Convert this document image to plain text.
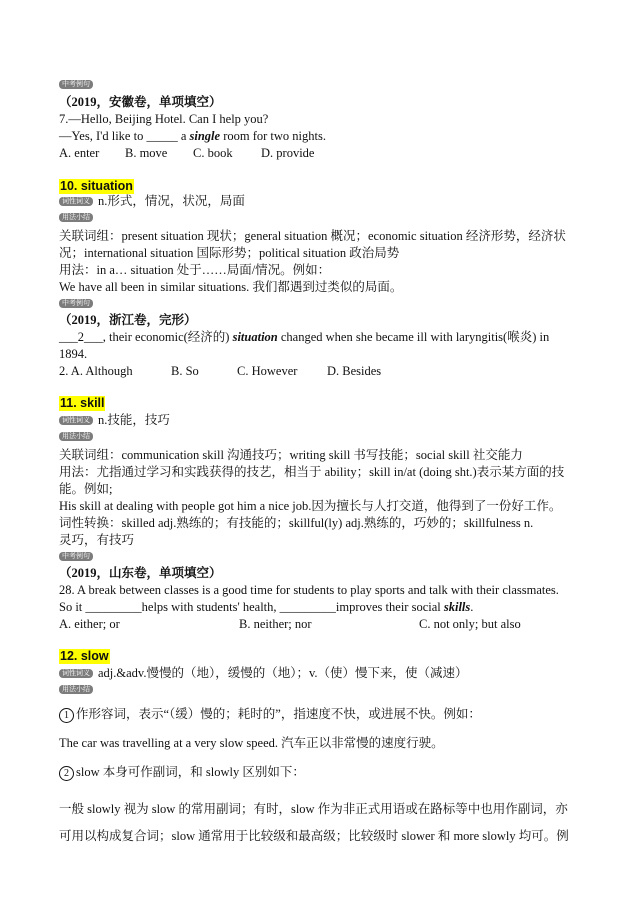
中考例句
（2019，安徽卷，单项填空）
7.—Hello, Beijing Hotel. Can I help you?
—Yes, I'd like to _____ a single room for two nights.
A. enter B. move C. book D. provide
10. situation
词性词义 n.形式，情况，状况，局面
用法小结
关联词组：present situation 现状；general situation 概况；economic situation 经济形势，经济状
况；international situation 国际形势；political situation 政治局势
用法：in a… situation 处于……局面/情况。例如：
We have all been in similar situations. 我们都遇到过类似的局面。
中考例句
（2019，浙江卷，完形）
___2___, their economic(经济的) situation changed when she became ill with laryngitis(喉炎) in
1894.
2. A. Although	B. So	C. However D. Besides
11. skill
词性词义 n.技能，技巧
用法小结
关联词组：communication skill 沟通技巧；writing skill 书写技能；social skill 社交能力
用法：尤指通过学习和实践获得的技艺，相当于 ability；skill in/at (doing sht.)表示某方面的技
能。例如;
His skill at dealing with people got him a nice job.因为擅长与人打交道，他得到了一份好工作。
词性转换：skilled adj.熟练的；有技能的；skillful(ly) adj.熟练的，巧妙的；skillfulness n.
灵巧，有技巧
中考例句
（2019，山东卷，单项填空）
28. A break between classes is a good time for students to play sports and talk with their classmates.
So it _________helps with students' health, _________improves their social skills.
A. either; or	B. neither; nor	C. not only; but also
12. slow
词性词义 adj.&adv.慢慢的（地），缓慢的（地）；v.（使）慢下来，使（减速）
用法小结
1 作形容词，表示“（缓）慢的；耗时的”，指速度不快，或进展不快。例如：
The car was travelling at a very slow speed. 汽车正以非常慢的速度行驶。
2 slow 本身可作副词，和 slowly 区别如下：
一般 slowly 视为 slow 的常用副词；有时，slow 作为非正式用语或在路标等中也用作副词，亦
可用以构成复合词；slow 通常用于比较级和最高级；比较级时 slower 和 more slowly 均可。例
